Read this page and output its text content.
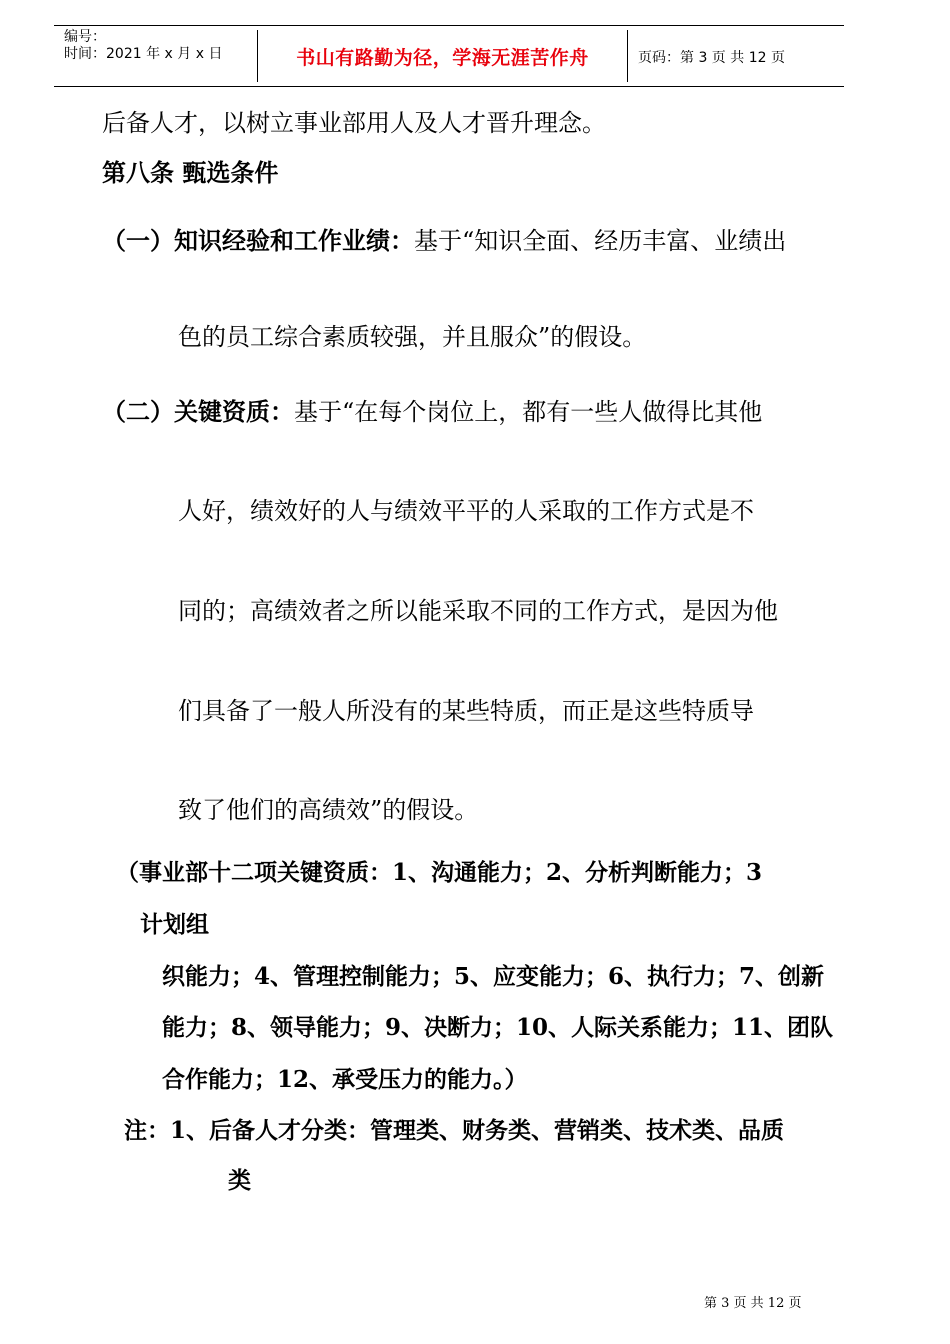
编号：
时间：2021 年 x 月 x 日	书山有路勤为径，学海无涯苦作舟	页码：第 3 页 共 12 页
后备人才，以树立事业部用人及人才晋升理念。
第八条 甄选条件
（一）知识经验和工作业绩：基于“知识全面、经历丰富、业绩出
色的员工综合素质较强，并且服众”的假设。
（二）关键资质：基于“在每个岗位上，都有一些人做得比其他
人好，绩效好的人与绩效平平的人采取的工作方式是不
同的；高绩效者之所以能采取不同的工作方式，是因为他
们具备了一般人所没有的某些特质，而正是这些特质导
致了他们的高绩效”的假设。
（事业部十二项关键资质：1、沟通能力；2、分析判断能力；3
计划组
织能力；4、管理控制能力；5、应变能力；6、执行力；7、创新
能力；8、领导能力；9、决断力；10、人际关系能力；11、团队
合作能力；12、承受压力的能力。）
注：1、后备人才分类：管理类、财务类、营销类、技术类、品质
类
第 3 页 共 12 页
